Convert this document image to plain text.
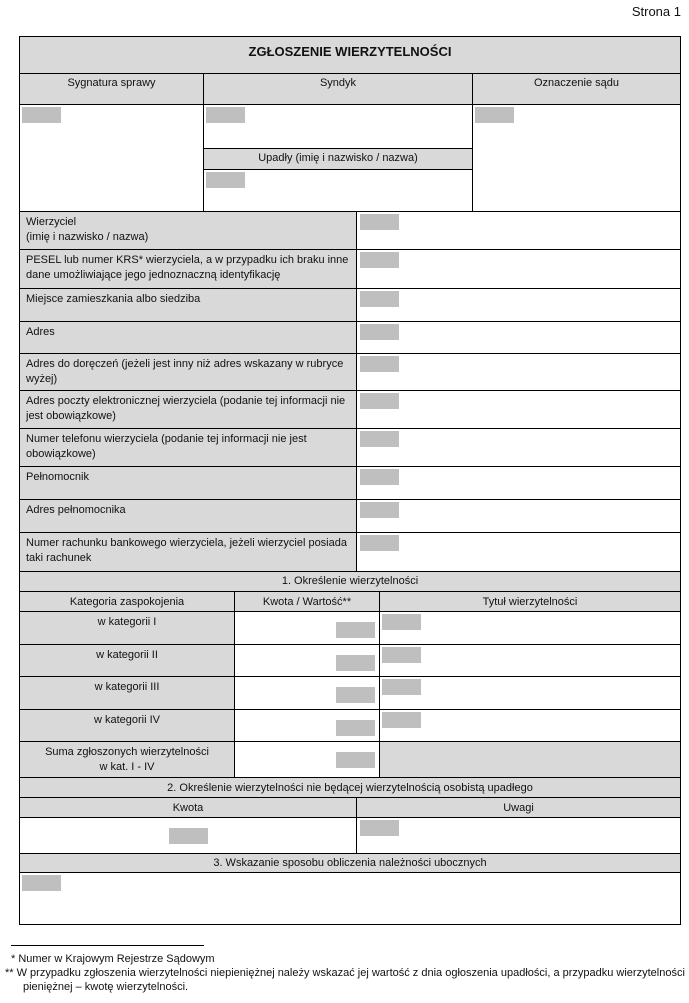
Strona 1
ZGŁOSZENIE WIERZYTELNOŚCI
Sygnatura sprawy	Syndyk	Oznaczenie sądu
Upadły (imię i nazwisko / nazwa)
Wierzyciel
(imię i nazwisko / nazwa)
PESEL lub numer KRS* wierzyciela, a w przypadku ich braku inne dane umożliwiające jego jednoznaczną identyfikację
Miejsce zamieszkania albo siedziba
Adres
Adres do doręczeń (jeżeli jest inny niż adres wskazany w rubryce wyżej)
Adres poczty elektronicznej wierzyciela (podanie tej informacji nie jest obowiązkowe)
Numer telefonu wierzyciela (podanie tej informacji nie jest obowiązkowe)
Pełnomocnik
Adres pełnomocnika
Numer rachunku bankowego wierzyciela, jeżeli wierzyciel posiada taki rachunek
1. Określenie wierzytelności
Kategoria zaspokojenia	Kwota / Wartość**	Tytuł wierzytelności
w kategorii I
w kategorii II
w kategorii III
w kategorii IV
Suma zgłoszonych wierzytelności
w kat. I - IV
2. Określenie wierzytelności nie będącej wierzytelnością osobistą upadłego
Kwota	Uwagi
3. Wskazanie sposobu obliczenia należności ubocznych
* Numer w Krajowym Rejestrze Sądowym
** W przypadku zgłoszenia wierzytelności niepieniężnej należy wskazać jej wartość z dnia ogłoszenia upadłości, a przypadku wierzytelności pieniężnej – kwotę wierzytelności.
